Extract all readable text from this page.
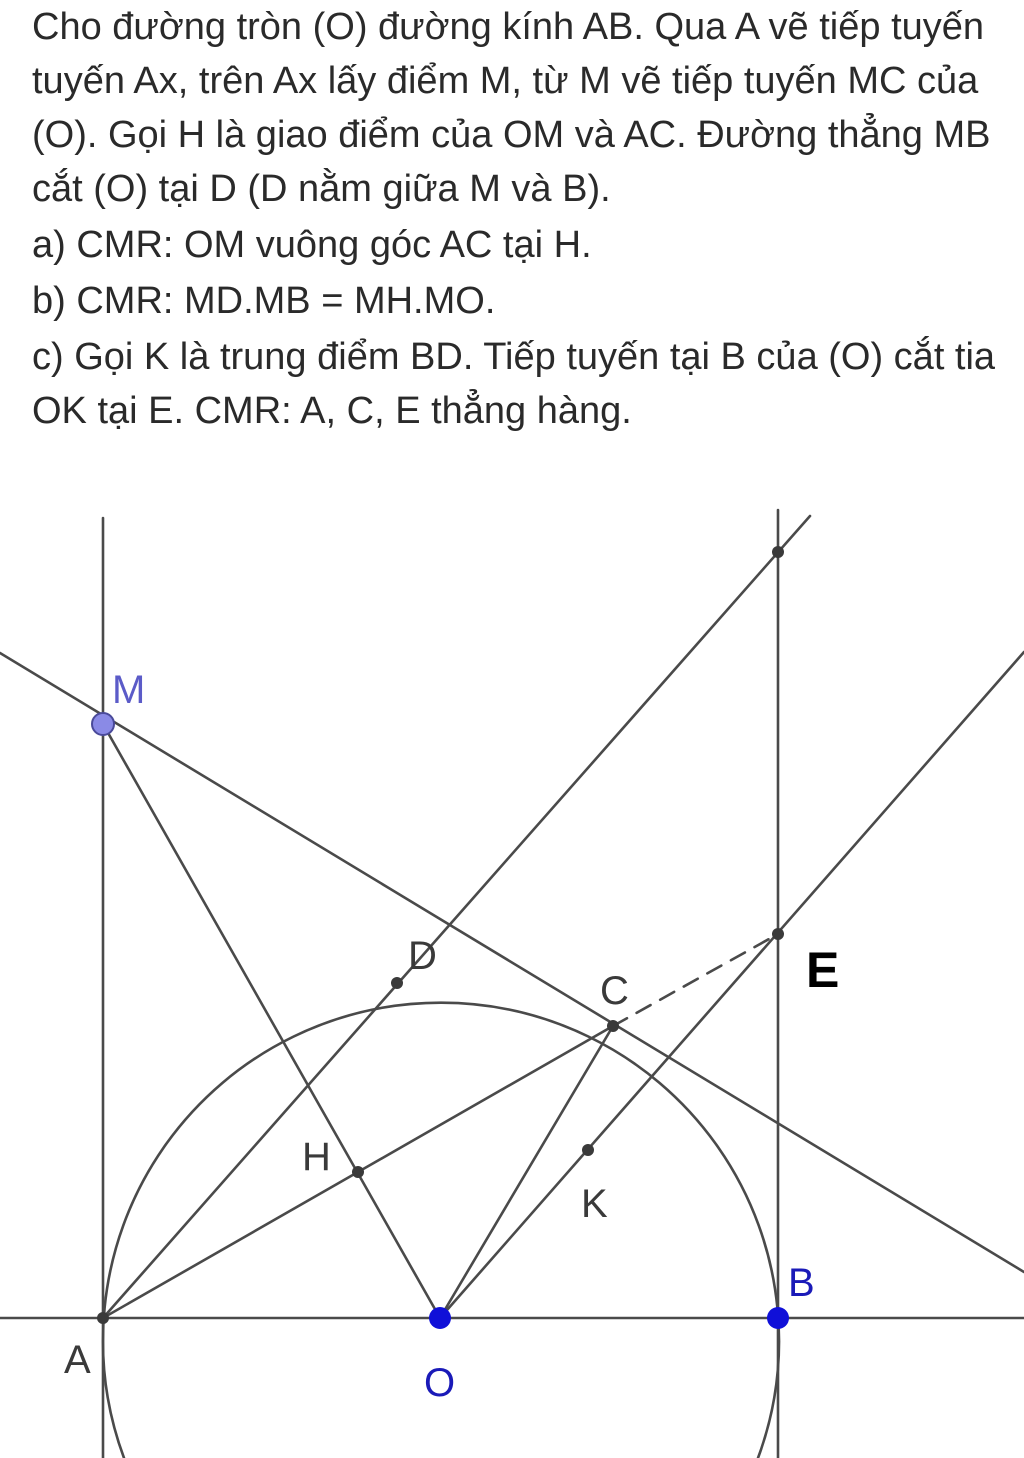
Cho đường tròn (O) đường kính AB. Qua A vẽ tiếp tuyến tuyến Ax, trên Ax lấy điểm M, từ M vẽ tiếp tuyến MC của (O). Gọi H là giao điểm của OM và AC. Đường thẳng MB cắt (O) tại D (D nằm giữa M và B).

a) CMR: OM vuông góc AC tại H.

b) CMR: MD.MB = MH.MO.

c) Gọi K là trung điểm BD. Tiếp tuyến tại B của (O) cắt tia OK tại E. CMR: A, C, E thẳng hàng.

M
D
C	E
H
K
B
A
O
